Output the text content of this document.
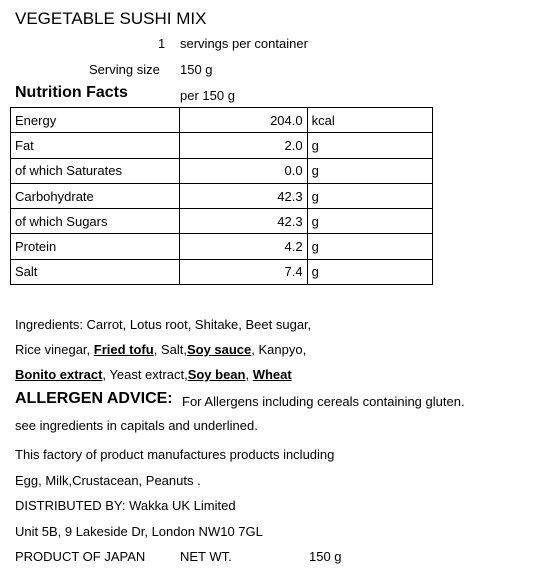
VEGETABLE SUSHI MIX
1 servings per container
Serving size 150 g
Nutrition Facts	per 150 g
Energy	204.0	kcal
Fat	2.0	g
of which Saturates	0.0	g
Carbohydrate	42.3	g
of which Sugars	42.3	g
Protein	4.2	g
Salt	7.4	g
Ingredients: Carrot, Lotus root, Shitake, Beet sugar,
Rice vinegar, Fried tofu, Salt,Soy sauce, Kanpyo,
Bonito extract, Yeast extract,Soy bean, Wheat
ALLERGEN ADVICE: For Allergens including cereals containing gluten.
see ingredients in capitals and underlined.
This factory of product manufactures products including
Egg, Milk,Crustacean, Peanuts .
DISTRIBUTED BY: Wakka UK Limited
Unit 5B, 9 Lakeside Dr, London NW10 7GL
PRODUCT OF JAPAN	NET WT.	150 g
